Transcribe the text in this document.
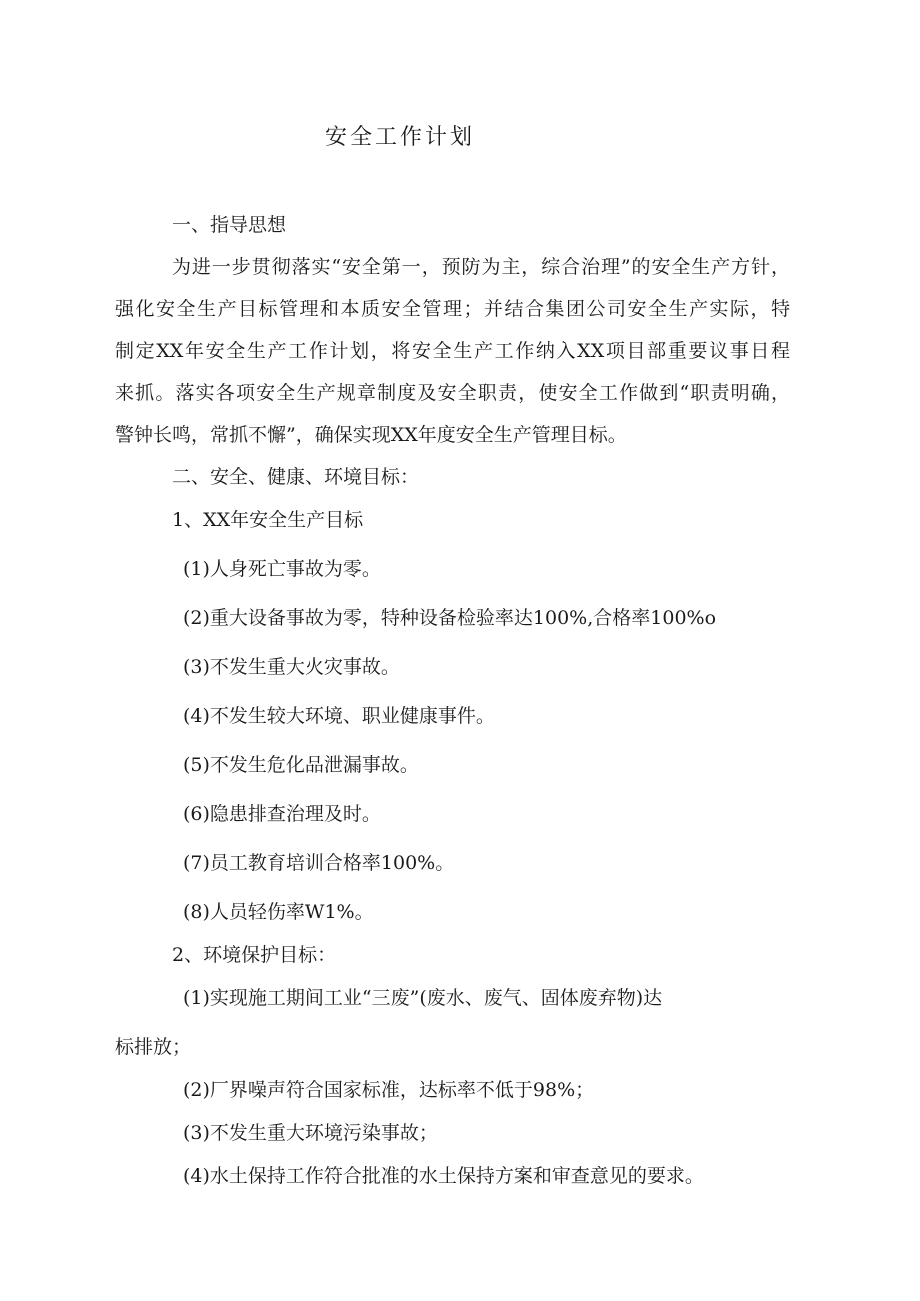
安全工作计划
一、指导思想
为进一步贯彻落实“安全第一，预防为主，综合治理”的安全生产方针，
强化安全生产目标管理和本质安全管理；并结合集团公司安全生产实际，特
制定XX年安全生产工作计划，将安全生产工作纳入XX项目部重要议事日程
来抓。落实各项安全生产规章制度及安全职责，使安全工作做到“职责明确，
警钟长鸣，常抓不懈”，确保实现XX年度安全生产管理目标。
二、安全、健康、环境目标：
1、XX年安全生产目标
(1)人身死亡事故为零。
(2)重大设备事故为零，特种设备检验率达100%,合格率100%o
(3)不发生重大火灾事故。
(4)不发生较大环境、职业健康事件。
(5)不发生危化品泄漏事故。
(6)隐患排查治理及时。
(7)员工教育培训合格率100%。
(8)人员轻伤率W1%。
2、环境保护目标：
(1)实现施工期间工业“三废”(废水、废气、固体废弃物)达
标排放；
(2)厂界噪声符合国家标准，达标率不低于98%；
(3)不发生重大环境污染事故；
(4)水土保持工作符合批准的水土保持方案和审查意见的要求。
